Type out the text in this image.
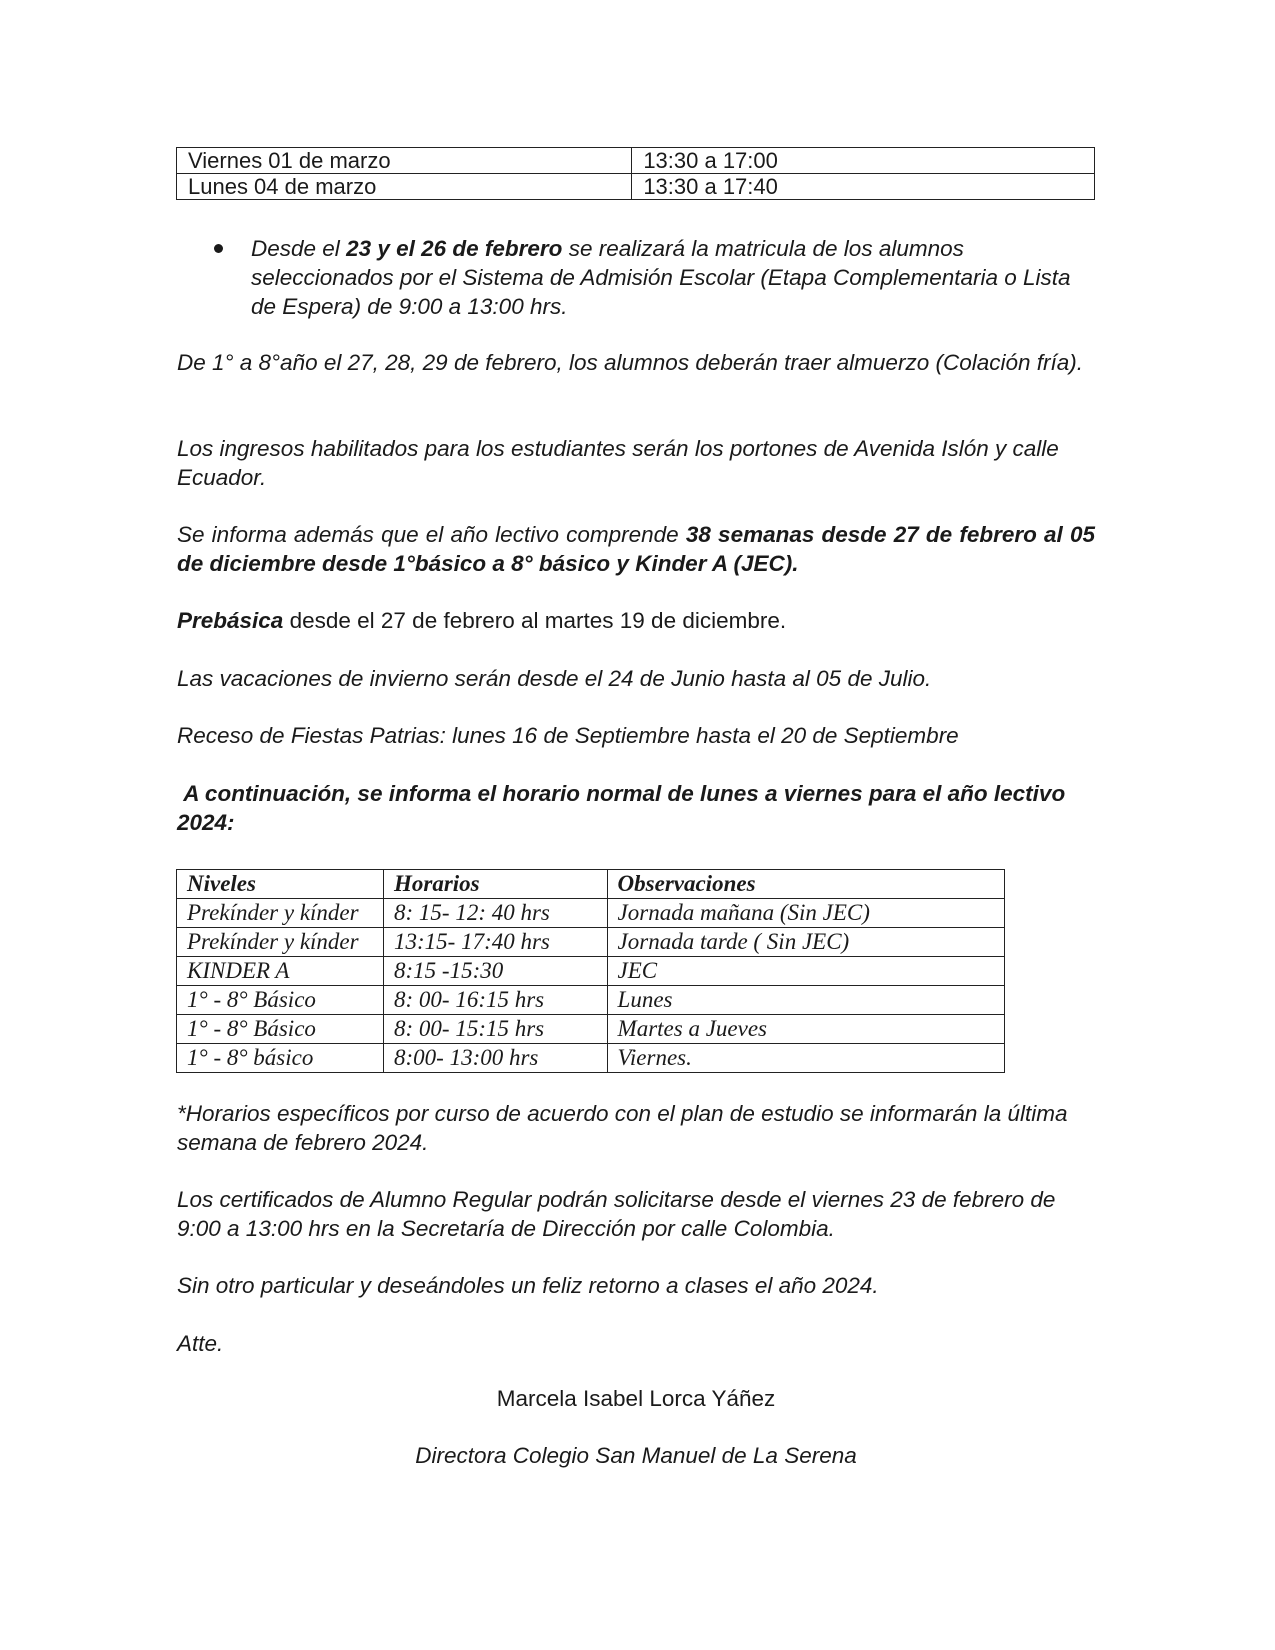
Viernes 01 de marzo	13:30 a 17:00
Lunes 04 de marzo	13:30 a 17:40

Desde el 23 y el 26 de febrero se realizará la matricula de los alumnos seleccionados por el Sistema de Admisión Escolar (Etapa Complementaria o Lista de Espera) de 9:00 a 13:00 hrs.

De 1° a 8°año el 27, 28, 29 de febrero, los alumnos deberán traer almuerzo (Colación fría).

Los ingresos habilitados para los estudiantes serán los portones de Avenida Islón y calle Ecuador.

Se informa además que el año lectivo comprende 38 semanas desde 27 de febrero al 05 de diciembre desde 1°básico a 8° básico y Kinder A (JEC).

Prebásica desde el 27 de febrero al martes 19 de diciembre.

Las vacaciones de invierno serán desde el 24 de Junio hasta al 05 de Julio.

Receso de Fiestas Patrias: lunes 16 de Septiembre hasta el 20 de Septiembre

A continuación, se informa el horario normal de lunes a viernes para el año lectivo 2024:

Niveles	Horarios	Observaciones
Prekínder y kínder	8: 15- 12: 40 hrs	Jornada mañana (Sin JEC)
Prekínder y kínder	13:15- 17:40 hrs	Jornada tarde ( Sin JEC)
KINDER A	8:15 -15:30	JEC
1° - 8° Básico	8: 00- 16:15 hrs	Lunes
1° - 8° Básico	8: 00- 15:15 hrs	Martes a Jueves
1° - 8° básico	8:00- 13:00 hrs	Viernes.

*Horarios específicos por curso de acuerdo con el plan de estudio se informarán la última semana de febrero 2024.

Los certificados de Alumno Regular podrán solicitarse desde el viernes 23 de febrero de 9:00 a 13:00 hrs en la Secretaría de Dirección por calle Colombia.

Sin otro particular y deseándoles un feliz retorno a clases el año 2024.

Atte.

Marcela Isabel Lorca Yáñez

Directora Colegio San Manuel de La Serena
